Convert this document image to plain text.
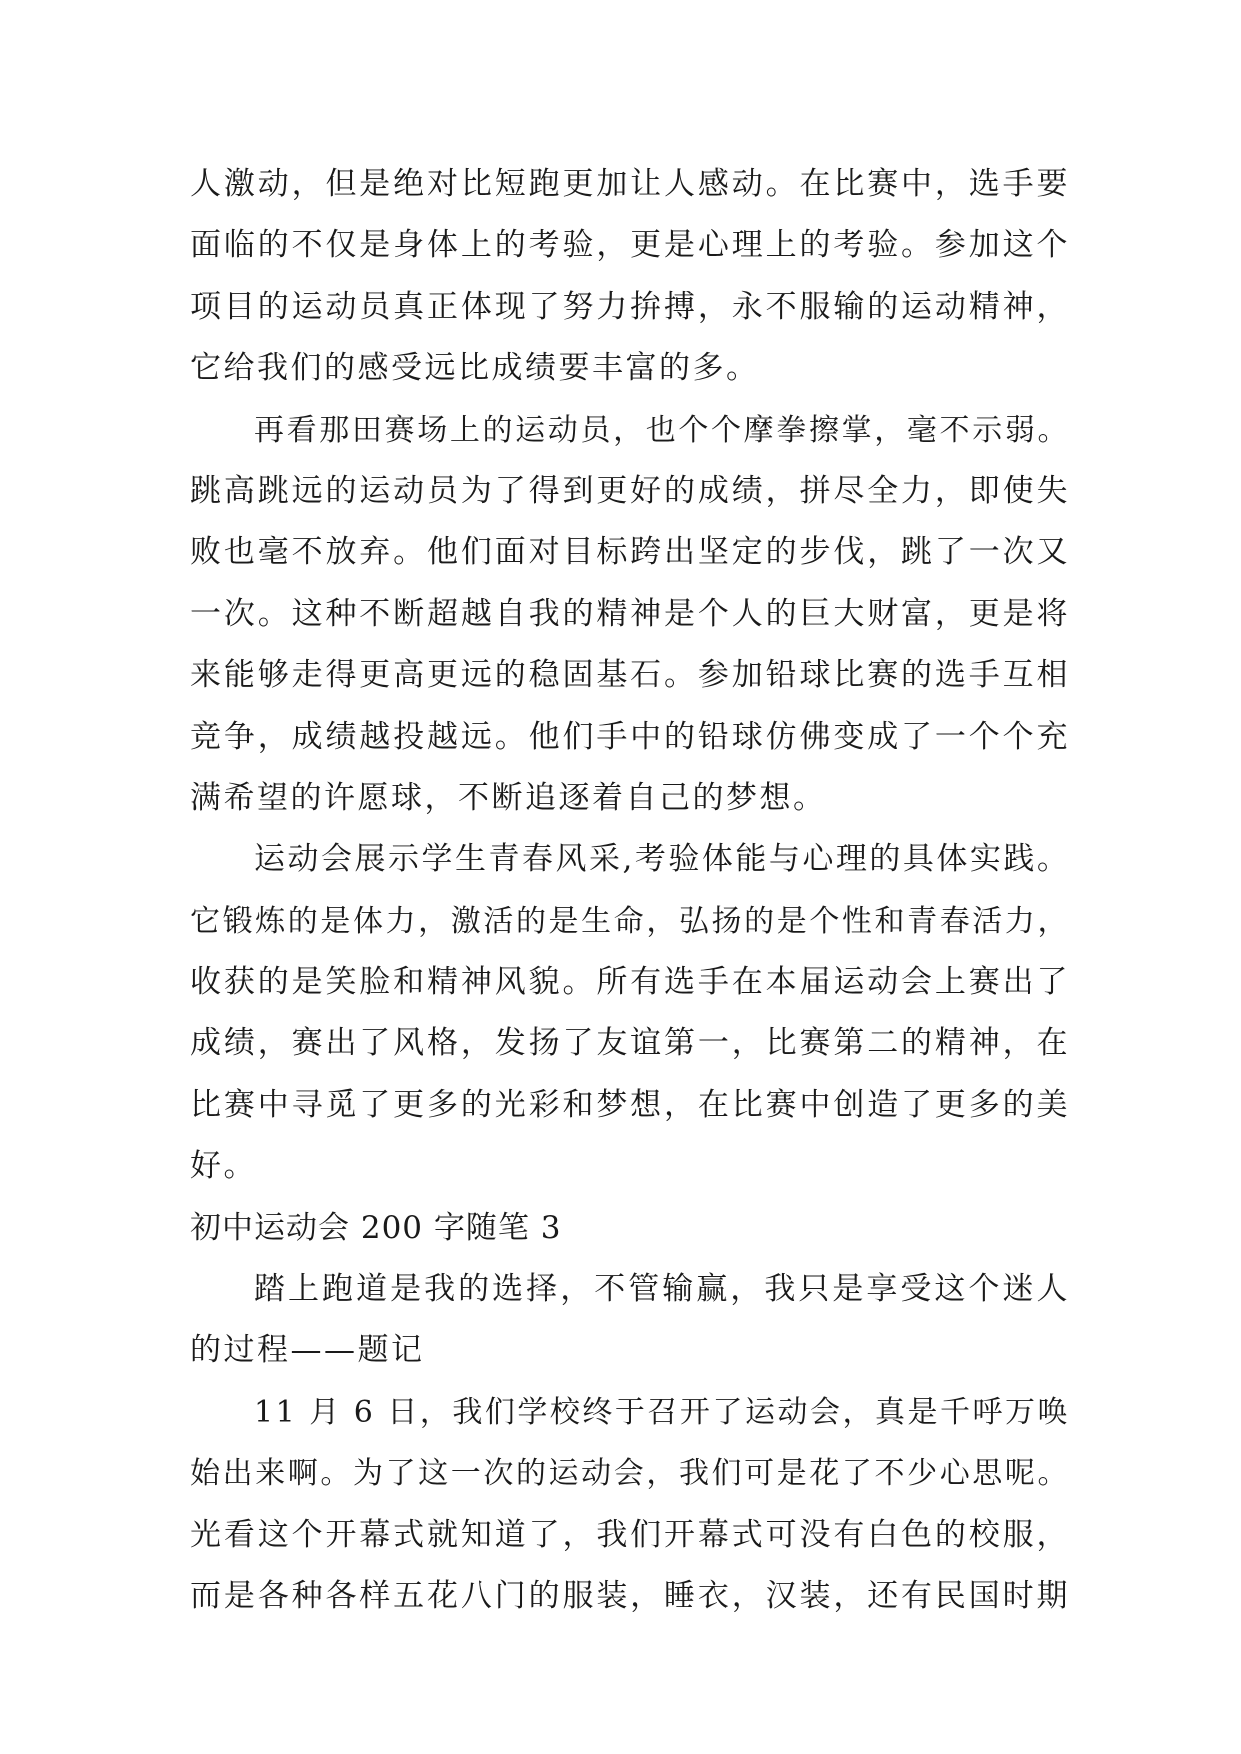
人激动，但是绝对比短跑更加让人感动。在比赛中，选手要
面临的不仅是身体上的考验，更是心理上的考验。参加这个
项目的运动员真正体现了努力拚搏，永不服输的运动精神，
它给我们的感受远比成绩要丰富的多。
再看那田赛场上的运动员，也个个摩拳擦掌，毫不示弱。
跳高跳远的运动员为了得到更好的成绩，拼尽全力，即使失
败也毫不放弃。他们面对目标跨出坚定的步伐，跳了一次又
一次。这种不断超越自我的精神是个人的巨大财富，更是将
来能够走得更高更远的稳固基石。参加铅球比赛的选手互相
竞争，成绩越投越远。他们手中的铅球仿佛变成了一个个充
满希望的许愿球，不断追逐着自己的梦想。
运动会展示学生青春风采,考验体能与心理的具体实践。
它锻炼的是体力，激活的是生命，弘扬的是个性和青春活力，
收获的是笑脸和精神风貌。所有选手在本届运动会上赛出了
成绩，赛出了风格，发扬了友谊第一，比赛第二的精神，在
比赛中寻觅了更多的光彩和梦想，在比赛中创造了更多的美
好。
初中运动会 200 字随笔 3
踏上跑道是我的选择，不管输赢，我只是享受这个迷人
的过程——题记
11 月 6 日，我们学校终于召开了运动会，真是千呼万唤
始出来啊。为了这一次的运动会，我们可是花了不少心思呢。
光看这个开幕式就知道了，我们开幕式可没有白色的校服，
而是各种各样五花八门的服装，睡衣，汉装，还有民国时期
